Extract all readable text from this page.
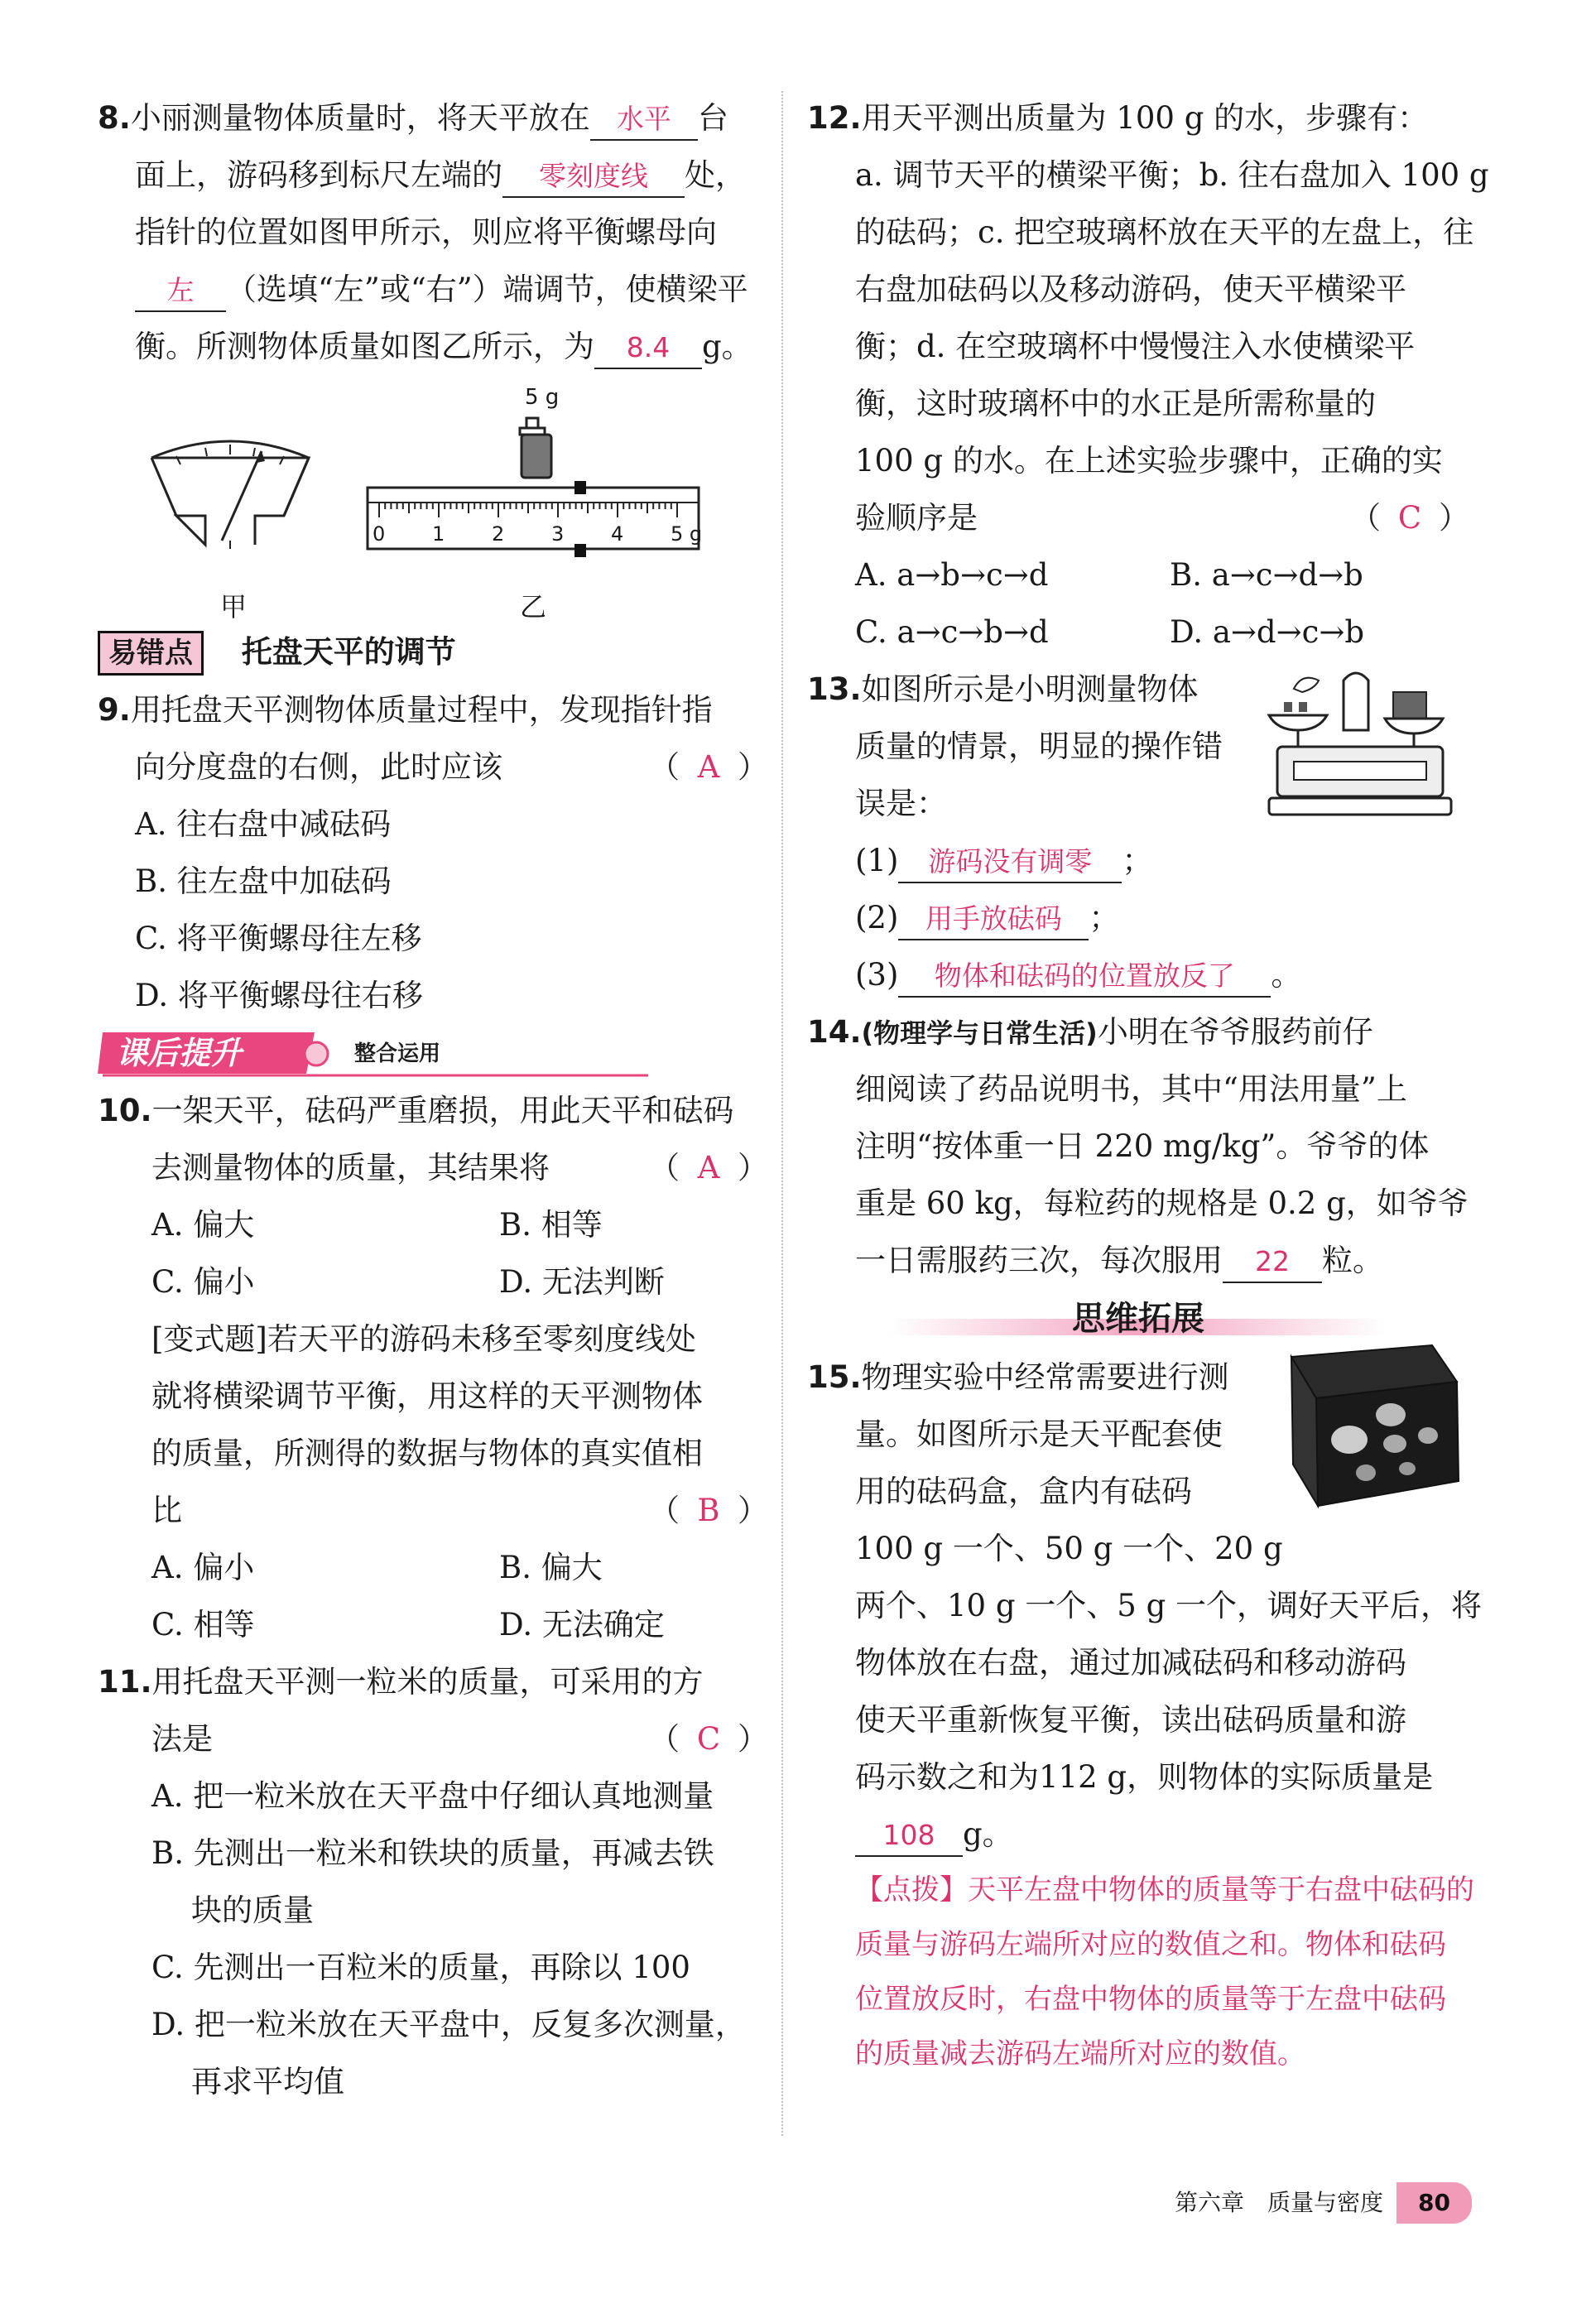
8.小丽测量物体质量时，将天平放在 水平 台
面上，游码移到标尺左端的 零刻度线 处，
指针的位置如图甲所示，则应将平衡螺母向
左 （选填“左”或“右”）端调节，使横梁平
衡。所测物体质量如图乙所示，为 8.4 g。
5 g
0 1 2 3 4 5 g
甲	乙
易错点 托盘天平的调节
9.用托盘天平测物体质量过程中，发现指针指
向分度盘的右侧，此时应该	（ A ）
A. 往右盘中减砝码
B. 往左盘中加砝码
C. 将平衡螺母往左移
D. 将平衡螺母往右移
课后提升	整合运用
10.一架天平，砝码严重磨损，用此天平和砝码
去测量物体的质量，其结果将	（ A ）
A. 偏大	B. 相等
C. 偏小	D. 无法判断
[变式题]若天平的游码未移至零刻度线处
就将横梁调节平衡，用这样的天平测物体
的质量，所测得的数据与物体的真实值相
比	（ B ）
A. 偏小	B. 偏大
C. 相等	D. 无法确定
11.用托盘天平测一粒米的质量，可采用的方
法是	（ C ）
A. 把一粒米放在天平盘中仔细认真地测量
B. 先测出一粒米和铁块的质量，再减去铁
块的质量
C. 先测出一百粒米的质量，再除以 100
D. 把一粒米放在天平盘中，反复多次测量，
再求平均值
12.用天平测出质量为 100 g 的水，步骤有：
a. 调节天平的横梁平衡；b. 往右盘加入 100 g
的砝码；c. 把空玻璃杯放在天平的左盘上，往
右盘加砝码以及移动游码，使天平横梁平
衡；d. 在空玻璃杯中慢慢注入水使横梁平
衡，这时玻璃杯中的水正是所需称量的
100 g 的水。在上述实验步骤中，正确的实
验顺序是	（ C ）
A. a→b→c→d	B. a→c→d→b
C. a→c→b→d	D. a→d→c→b
13.如图所示是小明测量物体
质量的情景，明显的操作错
误是：
(1) 游码没有调零 ；
(2) 用手放砝码 ；
(3) 物体和砝码的位置放反了 。
14.(物理学与日常生活)小明在爷爷服药前仔
细阅读了药品说明书，其中“用法用量”上
注明“按体重一日 220 mg/kg”。爷爷的体
重是 60 kg，每粒药的规格是 0.2 g，如爷爷
一日需服药三次，每次服用 22 粒。
思维拓展
15.物理实验中经常需要进行测
量。如图所示是天平配套使
用的砝码盒，盒内有砝码
100 g 一个、50 g 一个、20 g
两个、10 g 一个、5 g 一个，调好天平后，将
物体放在右盘，通过加减砝码和移动游码
使天平重新恢复平衡，读出砝码质量和游
码示数之和为112 g，则物体的实际质量是
108 g。
【点拨】天平左盘中物体的质量等于右盘中砝码的
质量与游码左端所对应的数值之和。物体和砝码
位置放反时，右盘中物体的质量等于左盘中砝码
的质量减去游码左端所对应的数值。
第六章　质量与密度 80
